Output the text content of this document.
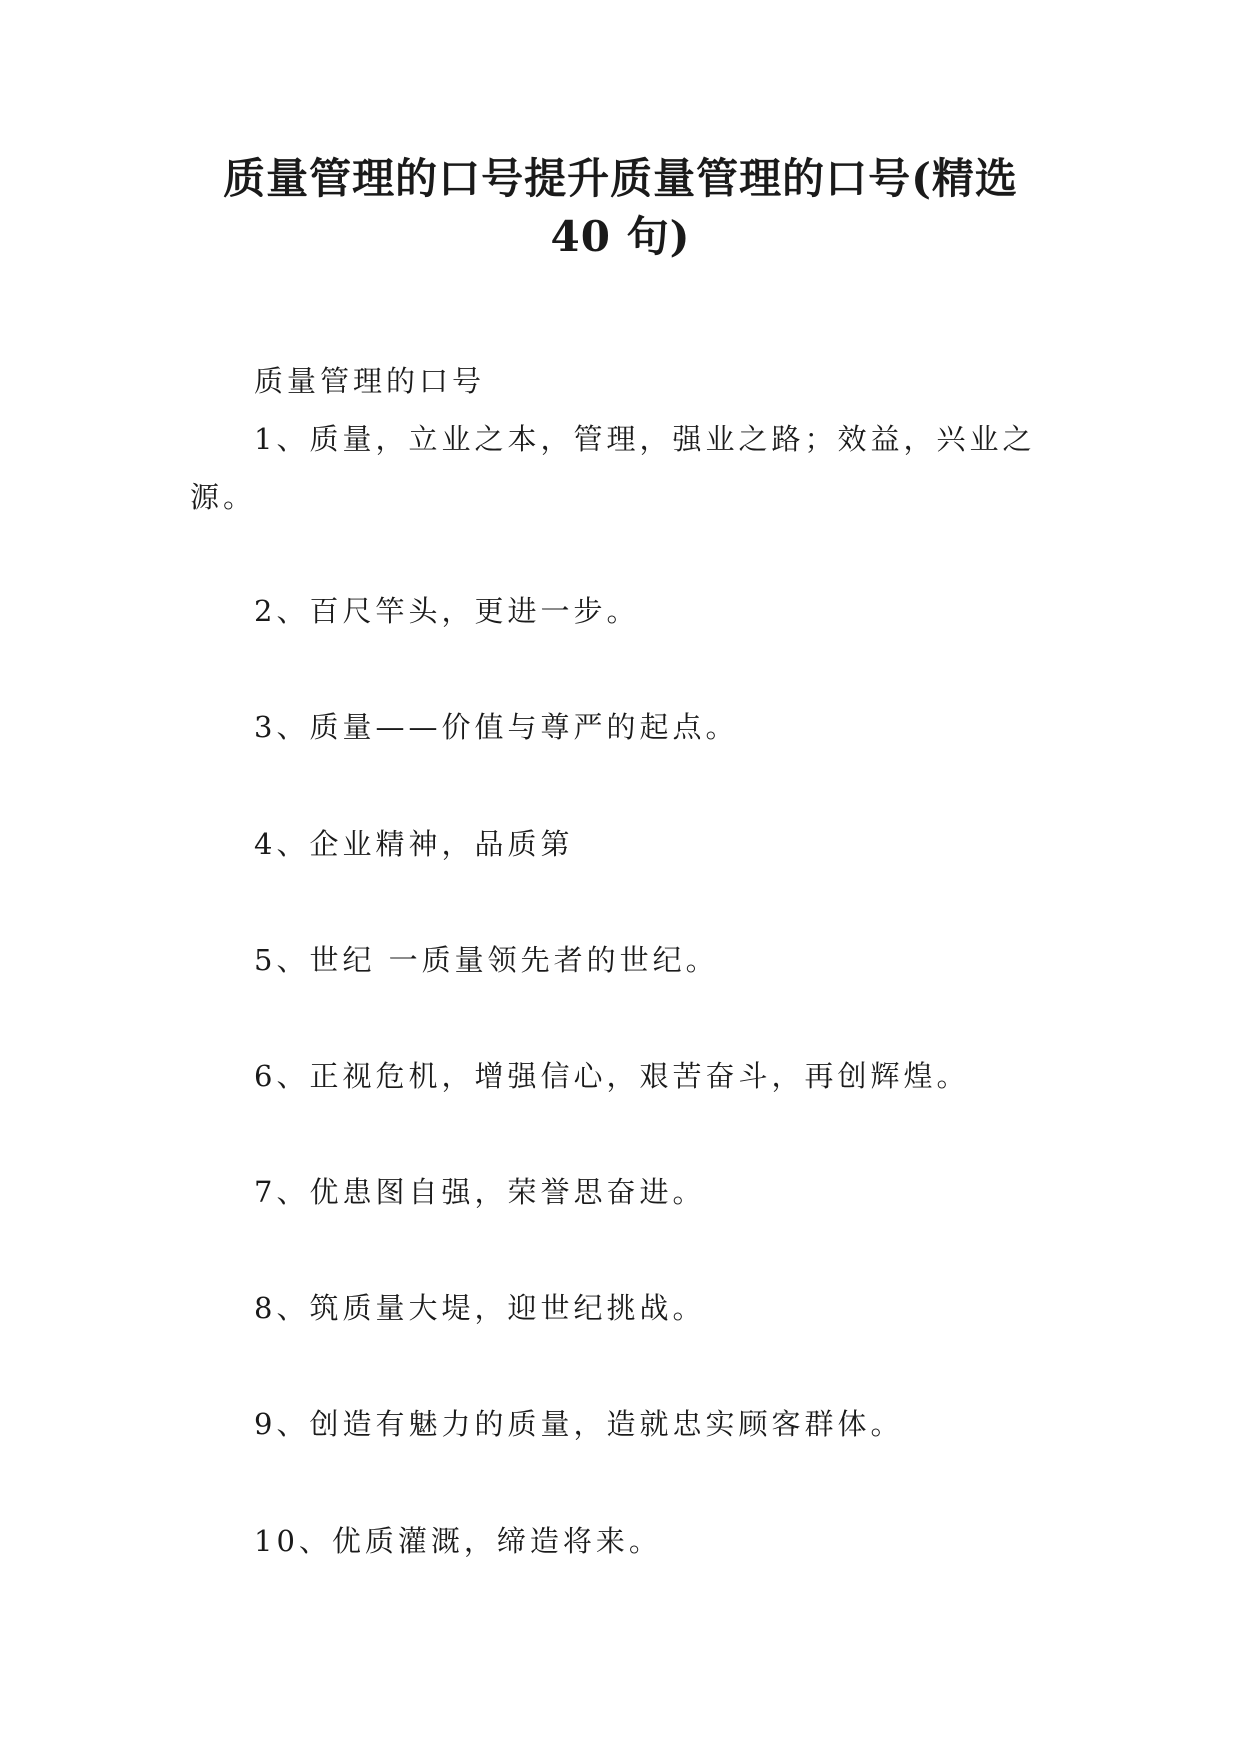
质量管理的口号提升质量管理的口号(精选
40 句)

质量管理的口号

1、质量，立业之本，管理，强业之路；效益，兴业之源。

2、百尺竿头，更进一步。

3、质量——价值与尊严的起点。

4、企业精神，品质第

5、世纪 一质量领先者的世纪。

6、正视危机，增强信心，艰苦奋斗，再创辉煌。

7、优患图自强，荣誉思奋进。

8、筑质量大堤，迎世纪挑战。

9、创造有魅力的质量，造就忠实顾客群体。

10、优质灌溉，缔造将来。
